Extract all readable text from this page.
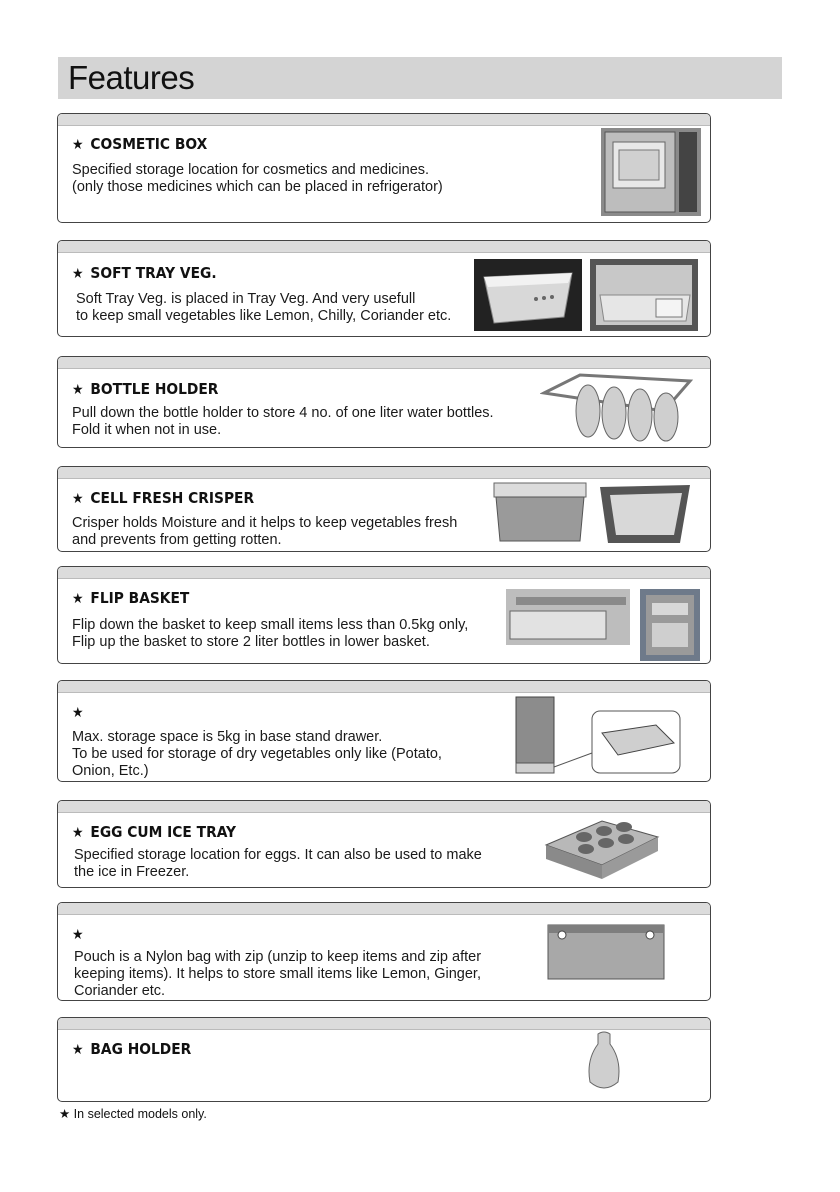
Features
★ COSMETIC BOX
Specified storage location for cosmetics and medicines.
(only those medicines which can be placed in refrigerator)
★ SOFT TRAY VEG.
Soft Tray Veg. is placed in Tray Veg. And very usefull
to keep small vegetables like Lemon, Chilly, Coriander etc.
★ BOTTLE HOLDER
Pull down the bottle holder to store 4 no. of one liter water bottles.
Fold it when not in use.
★ CELL FRESH CRISPER
Crisper holds Moisture and it helps to keep vegetables fresh
and prevents from getting rotten.
★ FLIP BASKET
Flip down the basket to keep small items less than 0.5kg only,
Flip up the basket to store 2 liter bottles in lower basket.
★
Max. storage space is 5kg in base stand drawer.
To be used for storage of dry vegetables only like (Potato,
Onion, Etc.)
★ EGG CUM ICE TRAY
Specified storage location for eggs. It can also be used to make
the ice in Freezer.
★
Pouch is a Nylon bag with zip (unzip to keep items and zip after
keeping items). It helps to store small items like Lemon, Ginger,
Coriander etc.
★ BAG HOLDER
★ In selected models only.
